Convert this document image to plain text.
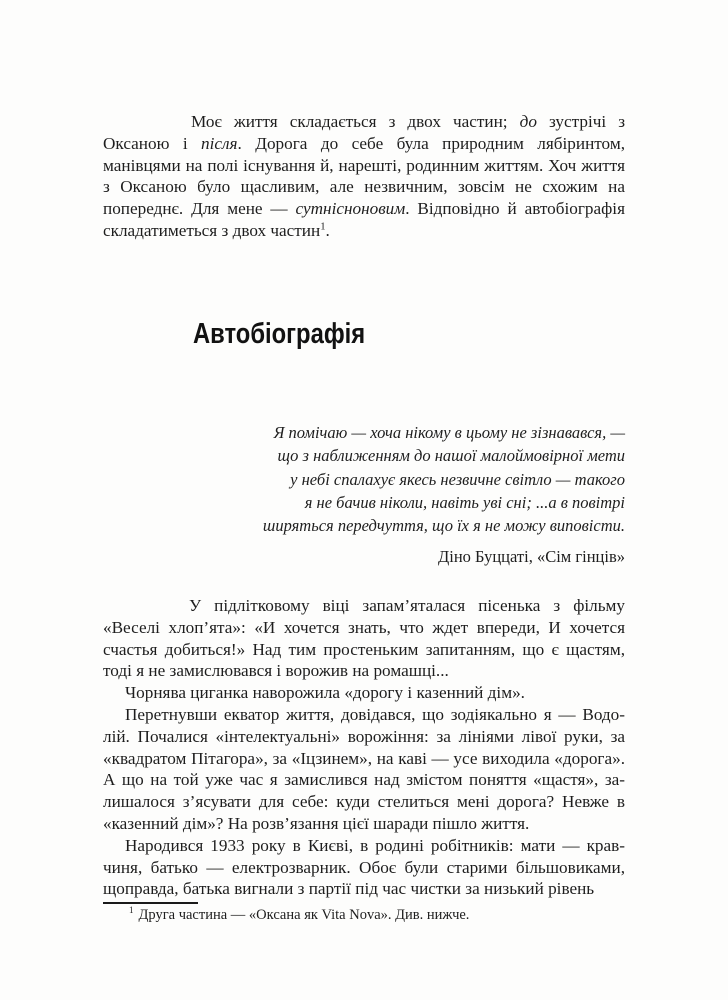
Моє життя складається з двох частин; до зустрічі з Оксаною і після. Дорога до себе була природним лябіринтом, манівцями на полі існування й, нарешті, родинним життям. Хоч життя з Оксаною було щасливим, але незвичним, зовсім не схожим на попереднє. Для мене — сутнісноновим. Відповідно й автобіографія складатиметься з двох частин$^1$.

Автобіографія
Я помічаю — хоча нікому в цьому не зізнавався, —
що з наближенням до нашої малоймовірної мети
у небі спалахує якесь незвичне світло — такого
я не бачив ніколи, навіть уві сні; ...а в повітрі
ширяться передчуття, що їх я не можу виповісти.
Діно Буццаті, «Сім гінців»

У підлітковому віці запам’яталася пісенька з фільму «Веселі хлоп’ята»: «И хочется знать, что ждет впереди, И хочется счастья добиться!» Над тим простеньким запитанням, що є щастям, тоді я не замислювався і ворожив на ромашці...

Чорнява циганка наворожила «дорогу і казенний дім».

Перетнувши екватор життя, довідався, що зодіякально я — Водолій. Почалися «інтелектуальні» ворожіння: за лініями лівої руки, за «квадратом Пітагора», за «Іцзинем», на каві — усе виходила «дорога». А що на той уже час я замислився над змістом поняття «щастя», залишалося з’ясувати для себе: куди стелиться мені дорога? Невже в «казенний дім»? На розв’язання цієї шаради пішло життя.

Народився 1933 року в Києві, в родині робітників: мати — кравчиня, батько — електрозварник. Обоє були старими більшовиками, щоправда, батька вигнали з партії під час чистки за низький рівень

$^1$ Друга частина — «Оксана як Vita Nova». Див. нижче.
